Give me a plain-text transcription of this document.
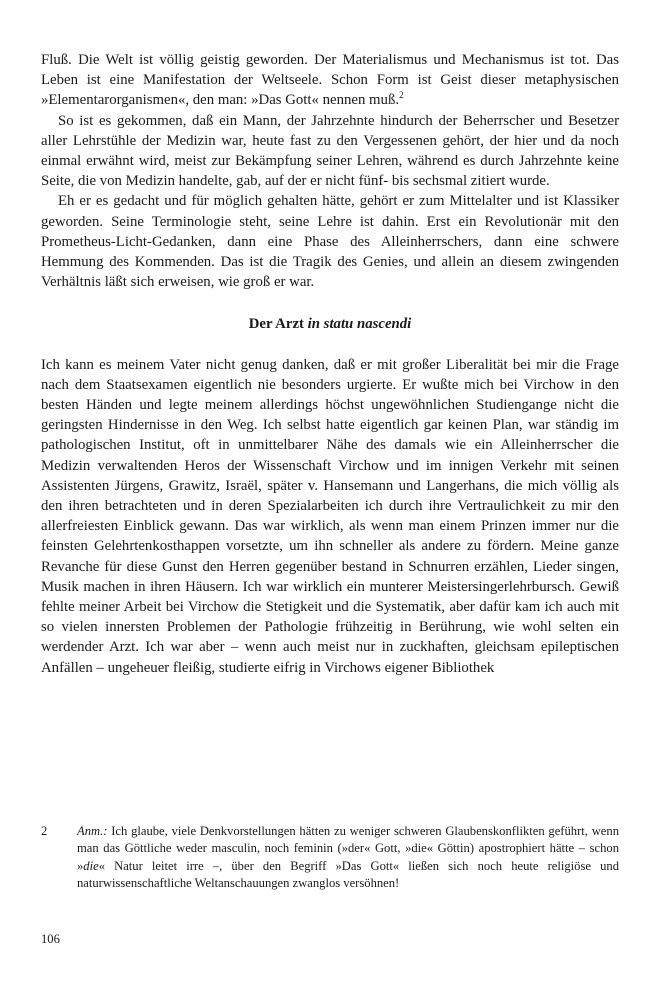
Fluß. Die Welt ist völlig geistig geworden. Der Materialismus und Mechanismus ist tot. Das Leben ist eine Manifestation der Weltseele. Schon Form ist Geist dieser metaphysischen »Elementarorganismen«, den man: »Das Gott« nennen muß.$^2$

So ist es gekommen, daß ein Mann, der Jahrzehnte hindurch der Beherrscher und Besetzer aller Lehrstühle der Medizin war, heute fast zu den Vergessenen gehört, der hier und da noch einmal erwähnt wird, meist zur Bekämpfung seiner Lehren, während es durch Jahrzehnte keine Seite, die von Medizin handelte, gab, auf der er nicht fünf- bis sechsmal zitiert wurde.

Eh er es gedacht und für möglich gehalten hätte, gehört er zum Mittelalter und ist Klassiker geworden. Seine Terminologie steht, seine Lehre ist dahin. Erst ein Revolutionär mit den Prometheus-Licht-Gedanken, dann eine Phase des Alleinherrschers, dann eine schwere Hemmung des Kommenden. Das ist die Tragik des Genies, und allein an diesem zwingenden Verhältnis läßt sich erweisen, wie groß er war.

Der Arzt in statu nascendi

Ich kann es meinem Vater nicht genug danken, daß er mit großer Liberalität bei mir die Frage nach dem Staatsexamen eigentlich nie besonders urgierte. Er wußte mich bei Virchow in den besten Händen und legte meinem allerdings höchst ungewöhnlichen Studiengange nicht die geringsten Hindernisse in den Weg. Ich selbst hatte eigentlich gar keinen Plan, war ständig im pathologischen Institut, oft in unmittelbarer Nähe des damals wie ein Alleinherrscher die Medizin verwaltenden Heros der Wissenschaft Virchow und im innigen Verkehr mit seinen Assistenten Jürgens, Grawitz, Israël, später v. Hansemann und Langerhans, die mich völlig als den ihren betrachteten und in deren Spezialarbeiten ich durch ihre Vertraulichkeit zu mir den allerfreiesten Einblick gewann. Das war wirklich, als wenn man einem Prinzen immer nur die feinsten Gelehrtenkosthappen vorsetzte, um ihn schneller als andere zu fördern. Meine ganze Revanche für diese Gunst den Herren gegenüber bestand in Schnurren erzählen, Lieder singen, Musik machen in ihren Häusern. Ich war wirklich ein munterer Meistersingerlehrbursch. Gewiß fehlte meiner Arbeit bei Virchow die Stetigkeit und die Systematik, aber dafür kam ich auch mit so vielen innersten Problemen der Pathologie frühzeitig in Berührung, wie wohl selten ein werdender Arzt. Ich war aber – wenn auch meist nur in zuckhaften, gleichsam epileptischen Anfällen – ungeheuer fleißig, studierte eifrig in Virchows eigener Bibliothek

2	Anm.: Ich glaube, viele Denkvorstellungen hätten zu weniger schweren Glaubenskonflikten geführt, wenn man das Göttliche weder masculin, noch feminin (»der« Gott, »die« Göttin) apostrophiert hätte – schon »die« Natur leitet irre –, über den Begriff »Das Gott« ließen sich noch heute religiöse und naturwissenschaftliche Weltanschauungen zwanglos versöhnen!
106
